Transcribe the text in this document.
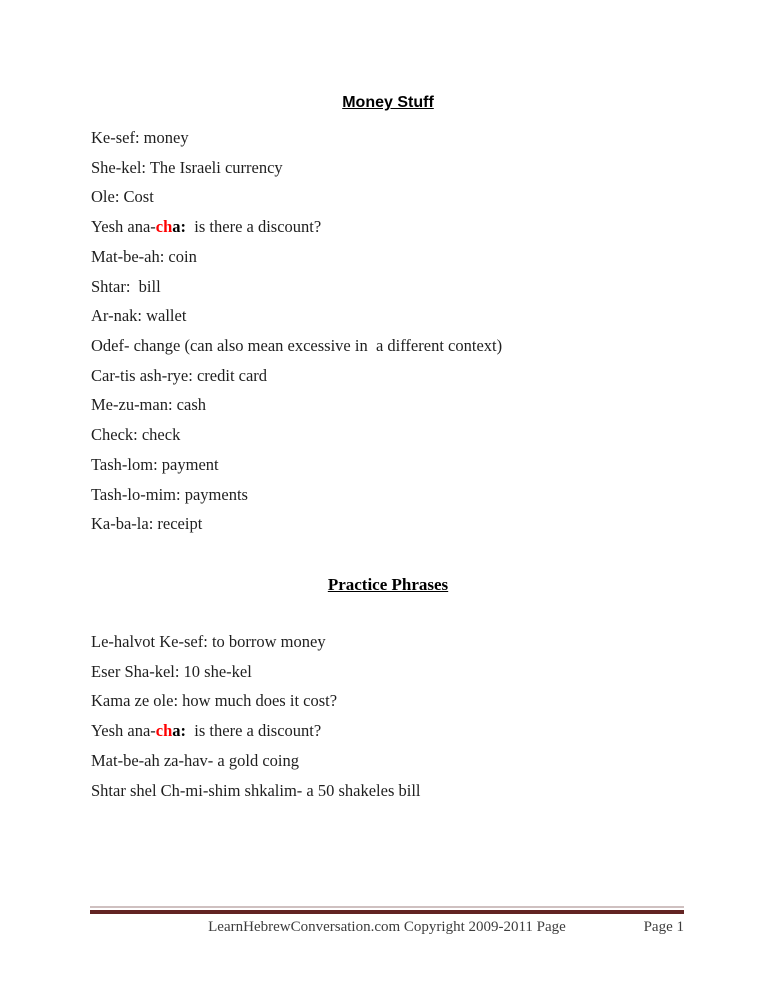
Money Stuff
Ke-sef: money
She-kel: The Israeli currency
Ole: Cost
Yesh ana-cha:  is there a discount?
Mat-be-ah: coin
Shtar:  bill
Ar-nak: wallet
Odef- change (can also mean excessive in  a different context)
Car-tis ash-rye: credit card
Me-zu-man: cash
Check: check
Tash-lom: payment
Tash-lo-mim: payments
Ka-ba-la: receipt
Practice Phrases
Le-halvot Ke-sef: to borrow money
Eser Sha-kel: 10 she-kel
Kama ze ole: how much does it cost?
Yesh ana-cha:  is there a discount?
Mat-be-ah za-hav- a gold coing
Shtar shel Ch-mi-shim shkalim- a 50 shakeles bill
LearnHebrewConversation.com Copyright 2009-2011 Page	Page 1
